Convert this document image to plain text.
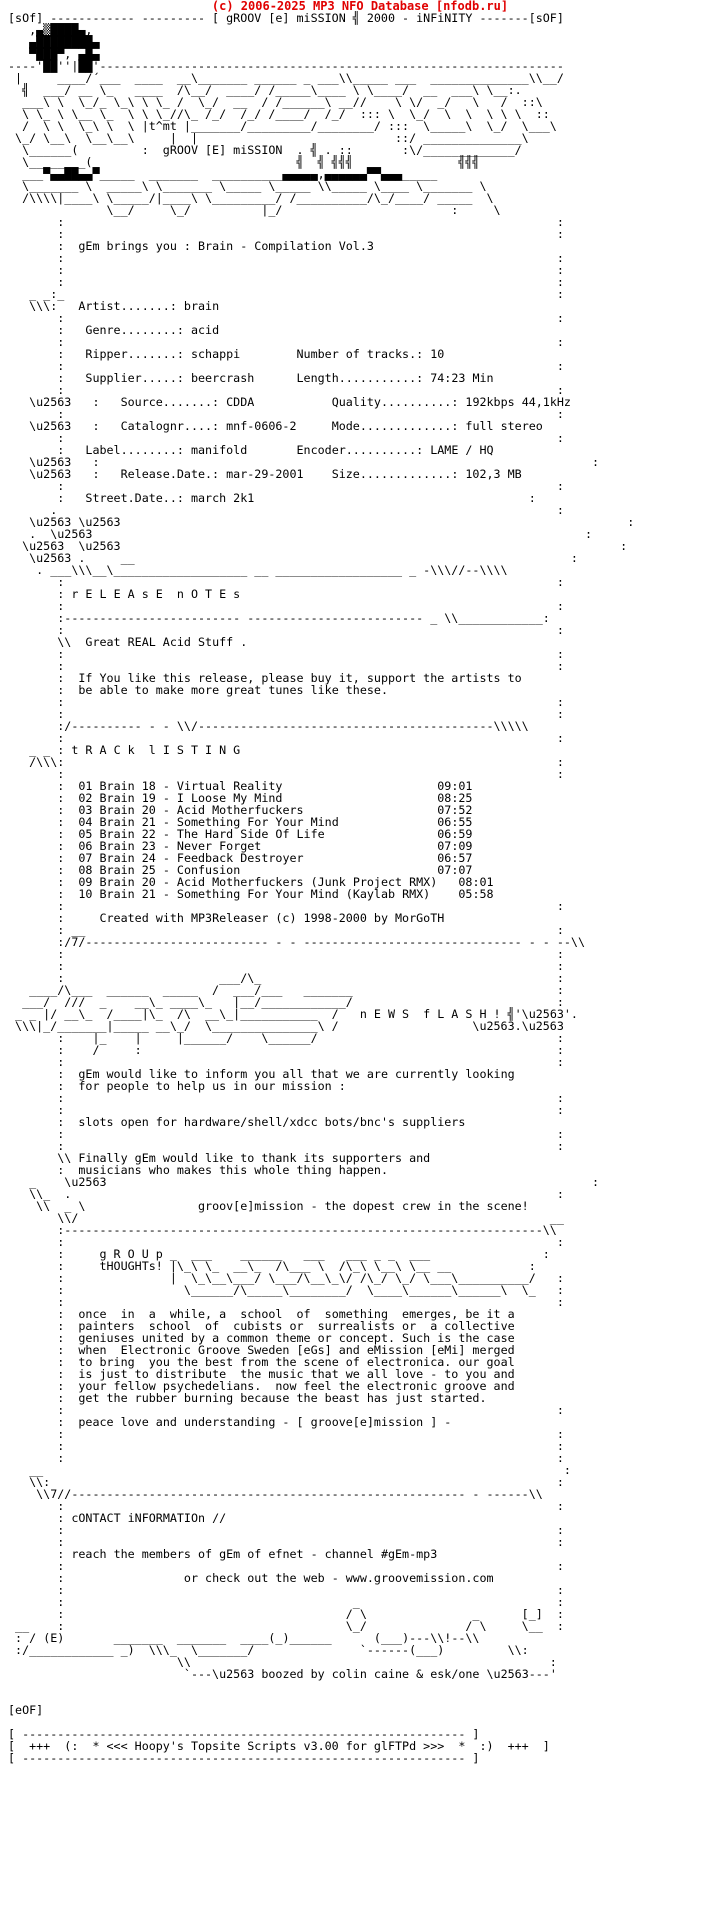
(c) 2006-2025 MP3 NFO Database [nfodb.ru]
[sOf] ------------ --------- [ gROOV [e] miSSION ╣ 2000 - iNFiNITY -------[sOF]
,▄▒████▄,
▄████████▄
▀███▀, ▄█▄
----'██''|██'------------------------------------------------------------------
|     ____/´___  ____  __\_______ ______ _ ___\\_____ ___  ______________\\__/
╣  ___/ __ \_   ____  /\__/  ____/ /_____\____ \ \____/  __  ___\ \__:.
___\ \  \_/_ \_\ \ \_ /  \_/  __  / /______\ __//    \ \/  _/   \   /  ::\
\ \_ \ \__ \_  \ \ \_//\_ /_/  /_/ /____/  /_/  ::: \  \_/  \  \  \ \ \  ::
/  \ \  \_\ \  \ |t^mt |_______/_________/________/ :::  \_____\  \_/  \___\
\_/ \__\  \__\__\     |  |                            ::/ ______________\
\______(         :  gROOV [E] miSSION  . ╣ . ::       :\/_____________/
\________(_                            ╣  ╣ ╣╣╣               ╣╣╣
___▀▄▄██▄▄▀_____  _______  __________▄▄▄▄▄,▄▄▄▄▄▄▀▀▄▄▄_____
\_______ \  _____\ \_______ \_____ \_____ \\_____ \____ \_______ \
/\\\\|____\ \_____/|____\ \_________/ /__________/\_/____/ _____  \
\__/     \_/          |_/                        :     \
:                                                                      :
:                                                                      :
:  gEm brings you : Brain - Compilation Vol.3
:                                                                      :
:                                                                      :
:                                                                      :
_ _:_                                                                      :
\\\:   Artist.......: brain
:                                                                      :
:   Genre........: acid
:                                                                      :
:   Ripper.......: schappi        Number of tracks.: 10
:                                                                      :
:   Supplier.....: beercrash      Length...........: 74:23 Min
:                                                                      :
\u2563   :   Source.......: CDDA           Quality..........: 192kbps 44,1kHz
:                                                                      :
\u2563   :   Catalognr....: mnf-0606-2     Mode.............: full stereo
:                                                                      :
:   Label........: manifold       Encoder..........: LAME / HQ
\u2563   :                                                                      :
\u2563   :   Release.Date.: mar-29-2001    Size.............: 102,3 MB
:                                                                      :
:   Street.Date..: march 2k1	:
.                                                                       :
\u2563 \u2563                                                                        :
.  \u2563                                                                      :
\u2563  \u2563                                                                       :
\u2563 .     __                                                              :
. ___\\\__\___________________ __ __________________ _ -\\\//--\\\\
:                                                                      :
: r E L E A s E  n O T E s
:                                                                      :
:------------------------- ------------------------- _ \\____________:
:                                                                      :
\\  Great REAL Acid Stuff .
:                                                                      :
:                                                                      :
:  If You like this release, please buy it, support the artists to
:  be able to make more great tunes like these.
:                                                                      :
:                                                                      :
:/---------- - - \\/------------------------------------------\\\\\
:                                                                      :
_ _ : t R A C k  l I S T I N G
/\\\:                                                                      :
:                                                                      :
:  01 Brain 18 - Virtual Reality	09:01
:  02 Brain 19 - I Loose My Mind	08:25
:  03 Brain 20 - Acid Motherfuckers	07:52
:  04 Brain 21 - Something For Your Mind	06:55
:  05 Brain 22 - The Hard Side Of Life	06:59
:  06 Brain 23 - Never Forget	07:09
:  07 Brain 24 - Feedback Destroyer	06:57
:  08 Brain 25 - Confusion	07:07
:  09 Brain 20 - Acid Motherfuckers (Junk Project RMX) 08:01
:  10 Brain 21 - Something For Your Mind (Kaylab RMX) 05:58
:                                                                      :
:	Created with MP3Releaser (c) 1998-2000 by MorGoTH
: __                                                                   :
:/7/-------------------------- - - ------------------------------- - - --\\
:                                                                      :
:                                                                      :
:                      ___/\_                                          :
____/\___  ______  _____  /  ___/___   _______                             :
___/  ///  _    __\_ ____\_   |__/____________/                             :
_ _ |/ __\_  /____|\_  /\  __\_|___________  /   n E W S  f L A S H ! ╣'\u2563'.
\\\|_/_______|_____ __\_/  \_______________\ /                   \u2563.\u2563
:    |_    |     |______/    \______/                                  :
:    /     :                                                           :
:                                                                      :
:  gEm would like to inform you all that we are currently looking
:  for people to help us in our mission :
:                                                                      :
:                                                                      :
:  slots open for hardware/shell/xdcc bots/bnc's suppliers
:                                                                      :
:                                                                      :
\\ Finally gEm would like to thank its supporters and
:  musicians who makes this whole thing happen.
_    \u2563                                                                     :
\\_  .                                                                     :
\\  _ \	groov[e]mission - the dopest crew in the scene!
\\/                                                                   __
:--------------------------------------------------------------------\\
:                                                                      :
:	g R O U p _  ___    ______   ___   ___ _ _  ___                :
:	tHOUGHTs! |\_\ \_  __\_  /\___ \  /\_\ \__\ \__ __           :
:               |  \_\__\___/ \___/\__\_\/ /\_/ \_/ \___\__________/   :
:                 \______/\_____\________/  \____\______\______\  \_   :
:                                                                      :
:  once  in  a  while, a  school  of  something  emerges, be it a
:  painters  school  of  cubists or  surrealists or  a collective
:  geniuses united by a common theme or concept. Such is the case
:  when  Electronic Groove Sweden [eGs] and eMission [eMi] merged
:  to bring  you the best from the scene of electronica. our goal
:  is just to distribute  the music that we all love - to you and
:  your fellow psychedelians.  now feel the electronic groove and
:  get the rubber burning because the beast has just started.
:                                                                      :
:  peace love and understanding - [ groove[e]mission ] -
:                                                                      :
:                                                                      :
:                                                                      :
__                                                                          :
\\:                                                                        :
\\7//-------------------------------------------------------- - ------\\
:                                                                      :
: cONTACT iNFORMATIOn //
:                                                                      :
:                                                                      :
: reach the members of gEm of efnet - channel #gEm-mp3
:                                                                      :
:	or check out the web - www.groovemission.com
:                                                                      :
:                                         _                            :
:                                        / \               _      [_]  :
__    :                                        \_/              / \     \__  :
: / (E)	_______  _______  ____(_)______      (___)---\\!--\\
:/____________ _)  \\\_  \_______/               `------(___)         \\:
\\                                                   :
`---\u2563 boozed by colin caine & esk/one \u2563---'

[eOF]

[ --------------------------------------------------------------- ]
[  +++  (:  * <<< Hoopy's Topsite Scripts v3.00 for glFTPd >>>  *  :)  +++  ]
[ --------------------------------------------------------------- ]
